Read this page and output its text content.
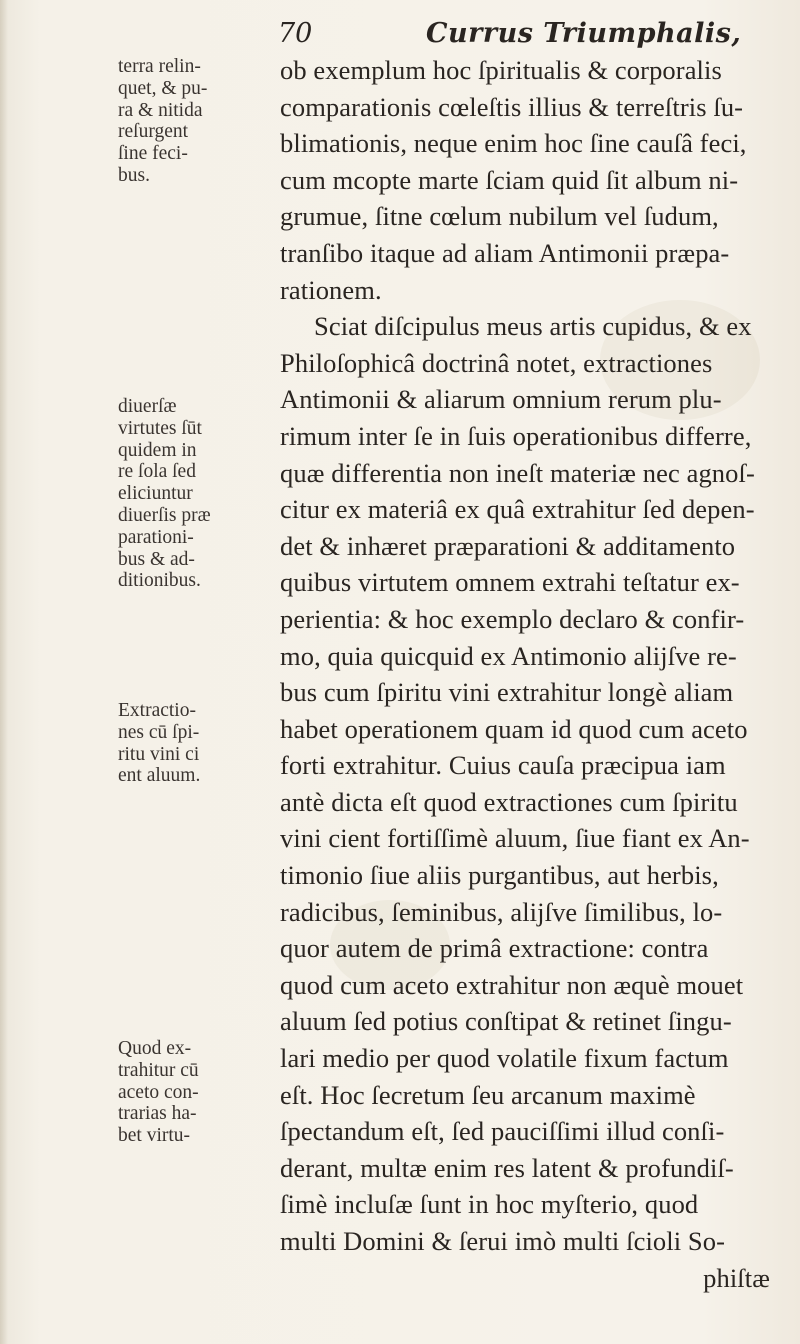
70	Currus Triumphalis,
terra relin-
quet, & pu-
ra & nitida
reſurgent
ſine feci-
bus.
diuerſæ
virtutes ſūt
quidem in
re ſola ſed
eliciuntur
diuerſis præ
parationi-
bus & ad-
ditionibus.
Extractio-
nes cū ſpi-
ritu vini ci
ent aluum.
Quod ex-
trahitur cū
aceto con-
trarias ha-
bet virtu-
ob exemplum hoc ſpiritualis & corporalis
comparationis cœleſtis illius & terreſtris ſu-
blimationis, neque enim hoc ſine cauſâ feci,
cum mcopte marte ſciam quid ſit album ni-
grumue, ſitne cœlum nubilum vel ſudum,
tranſibo itaque ad aliam Antimonii præpa-
rationem.
Sciat diſcipulus meus artis cupidus, & ex
Philoſophicâ doctrinâ notet, extractiones
Antimonii & aliarum omnium rerum plu-
rimum inter ſe in ſuis operationibus differre,
quæ differentia non ineſt materiæ nec agnoſ-
citur ex materiâ ex quâ extrahitur ſed depen-
det & inhæret præparationi & additamento
quibus virtutem omnem extrahi teſtatur ex-
perientia: & hoc exemplo declaro & confir-
mo, quia quicquid ex Antimonio alijſve re-
bus cum ſpiritu vini extrahitur longè aliam
habet operationem quam id quod cum aceto
forti extrahitur. Cuius cauſa præcipua iam
antè dicta eſt quod extractiones cum ſpiritu
vini cient fortiſſimè aluum, ſiue fiant ex An-
timonio ſiue aliis purgantibus, aut herbis,
radicibus, ſeminibus, alijſve ſimilibus, lo-
quor autem de primâ extractione: contra
quod cum aceto extrahitur non æquè mouet
aluum ſed potius conſtipat & retinet ſingu-
lari medio per quod volatile fixum factum
eſt. Hoc ſecretum ſeu arcanum maximè
ſpectandum eſt, ſed pauciſſimi illud conſi-
derant, multæ enim res latent & profundiſ-
ſimè incluſæ ſunt in hoc myſterio, quod
multi Domini & ſerui imò multi ſcioli So-
phiſtæ
